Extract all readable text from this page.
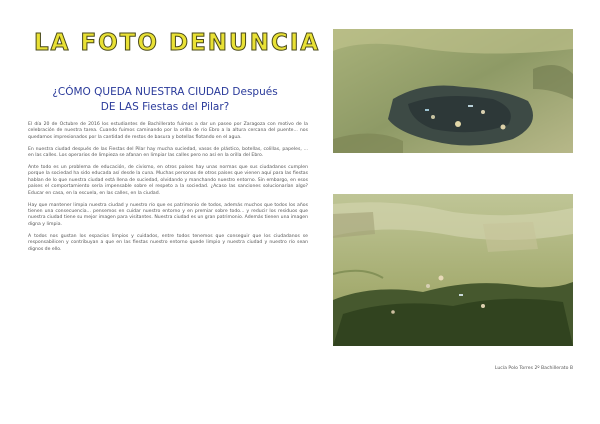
LA FOTO DENUNCIA
¿CÓMO QUEDA NUESTRA CIUDAD Después
DE LAS Fiestas del Pilar?

El día 20 de Octubre de 2016 los estudiantes de Bachillerato fuimos a dar un paseo por Zaragoza con motivo de la celebración de nuestra tarea. Cuando fuimos caminando por la orilla de río Ebro a la altura cercana del puente... nos quedamos impresionados por la cantidad de restos de basura y botellas flotando en el agua.

En nuestra ciudad después de las Fiestas del Pilar hay mucha suciedad, vasos de plástico, botellas, colillas, papeles, ... en las calles. Los operarios de limpieza se afanan en limpiar las calles pero no así en la orilla del Ebro.

Ante todo es un problema de educación, de civismo, en otros países hay unas normas que sus ciudadanos cumplen porque la sociedad ha sido educada así desde la cuna. Muchas personas de otros países que vienen aquí para las fiestas hablan de lo que nuestra ciudad está llena de suciedad, olvidando y manchando nuestro entorno. Sin embargo, en esos países el comportamiento sería impensable sobre el respeto a la sociedad. ¿Acaso las sanciones solucionarían algo? Educar en casa, en la escuela, en las calles, en la ciudad.

Hay que mantener limpia nuestra ciudad y nuestro río que es patrimonio de todos, además muchos que todos los años tienen una consecuencia... pensemos en cuidar nuestro entorno y en premiar sobre todo... y reducir los residuos que nuestra ciudad tiene su mejor imagen para visitantes. Nuestra ciudad es un gran patrimonio. Además tienen una imagen digna y limpia.

A todos nos gustan los espacios limpios y cuidados, entre todos tenemos que conseguir que los ciudadanos se responsabilicen y contribuyan a que en las fiestas nuestro entorno quede limpio y nuestra ciudad y nuestro río sean dignos de ello.

Lucía Polo Torres 2º Bachillerato B
